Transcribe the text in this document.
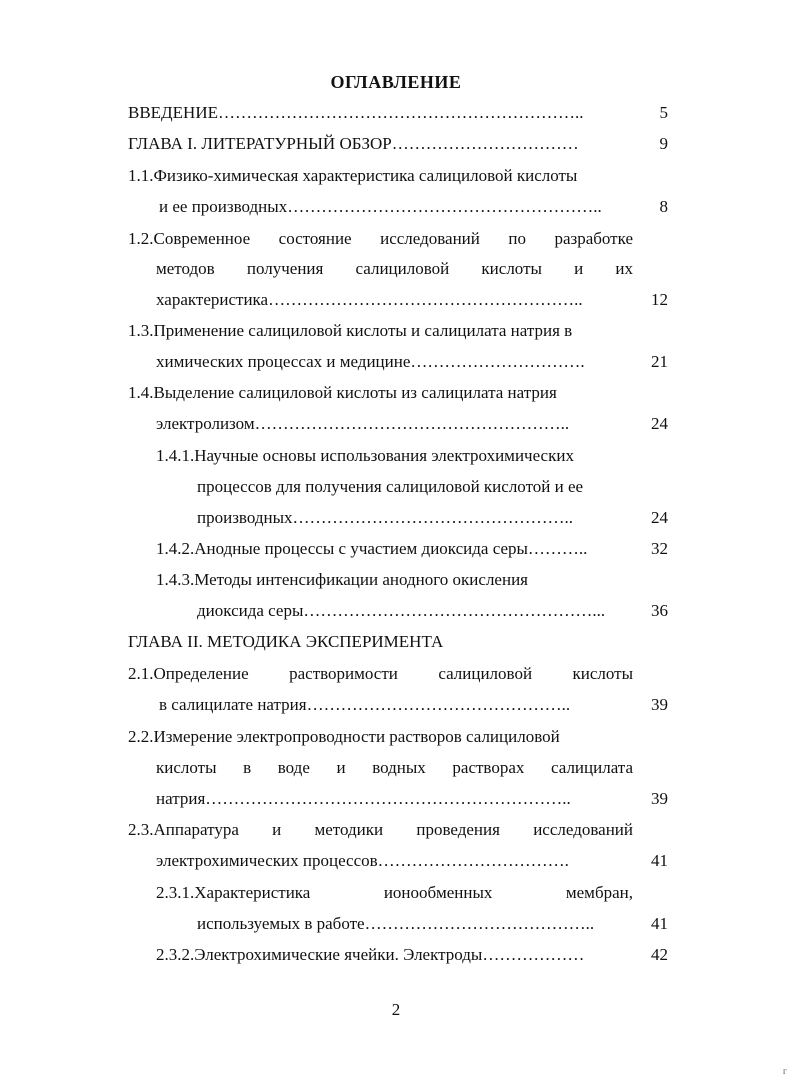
ОГЛАВЛЕНИЕ
ВВЕДЕНИЕ………………………………………………………..	5
ГЛАВА I. ЛИТЕРАТУРНЫЙ ОБЗОР……………………………	9
1.1.Физико-химическая характеристика салициловой кислоты
и ее производных………………………………………………..	8
1.2.Современное состояние исследований по разработке
методов получения салициловой кислоты и их
характеристика………………………………………………..	12
1.3.Применение салициловой кислоты и салицилата натрия в
химических процессах и медицине………………………….	21
1.4.Выделение салициловой кислоты из салицилата натрия
электролизом………………………………………………..	24
1.4.1.Научные основы использования электрохимических
процессов для получения салициловой кислотой и ее
производных…………………………………………..	24
1.4.2.Анодные процессы с участием диоксида серы………..	32
1.4.3.Методы интенсификации анодного окисления
диоксида серы……………………………………………...	36
ГЛАВА II. МЕТОДИКА ЭКСПЕРИМЕНТА
2.1.Определение растворимости салициловой кислоты
в салицилате натрия………………………………………..	39
2.2.Измерение электропроводности растворов салициловой
кислоты в воде и водных растворах салицилата
натрия………………………………………………………..	39
2.3.Аппаратура и методики проведения исследований
электрохимических процессов…………………………….	41
2.3.1.Характеристика ионообменных мембран,
используемых в работе…………………………………..	41
2.3.2.Электрохимические ячейки. Электроды………………	42
2
г
